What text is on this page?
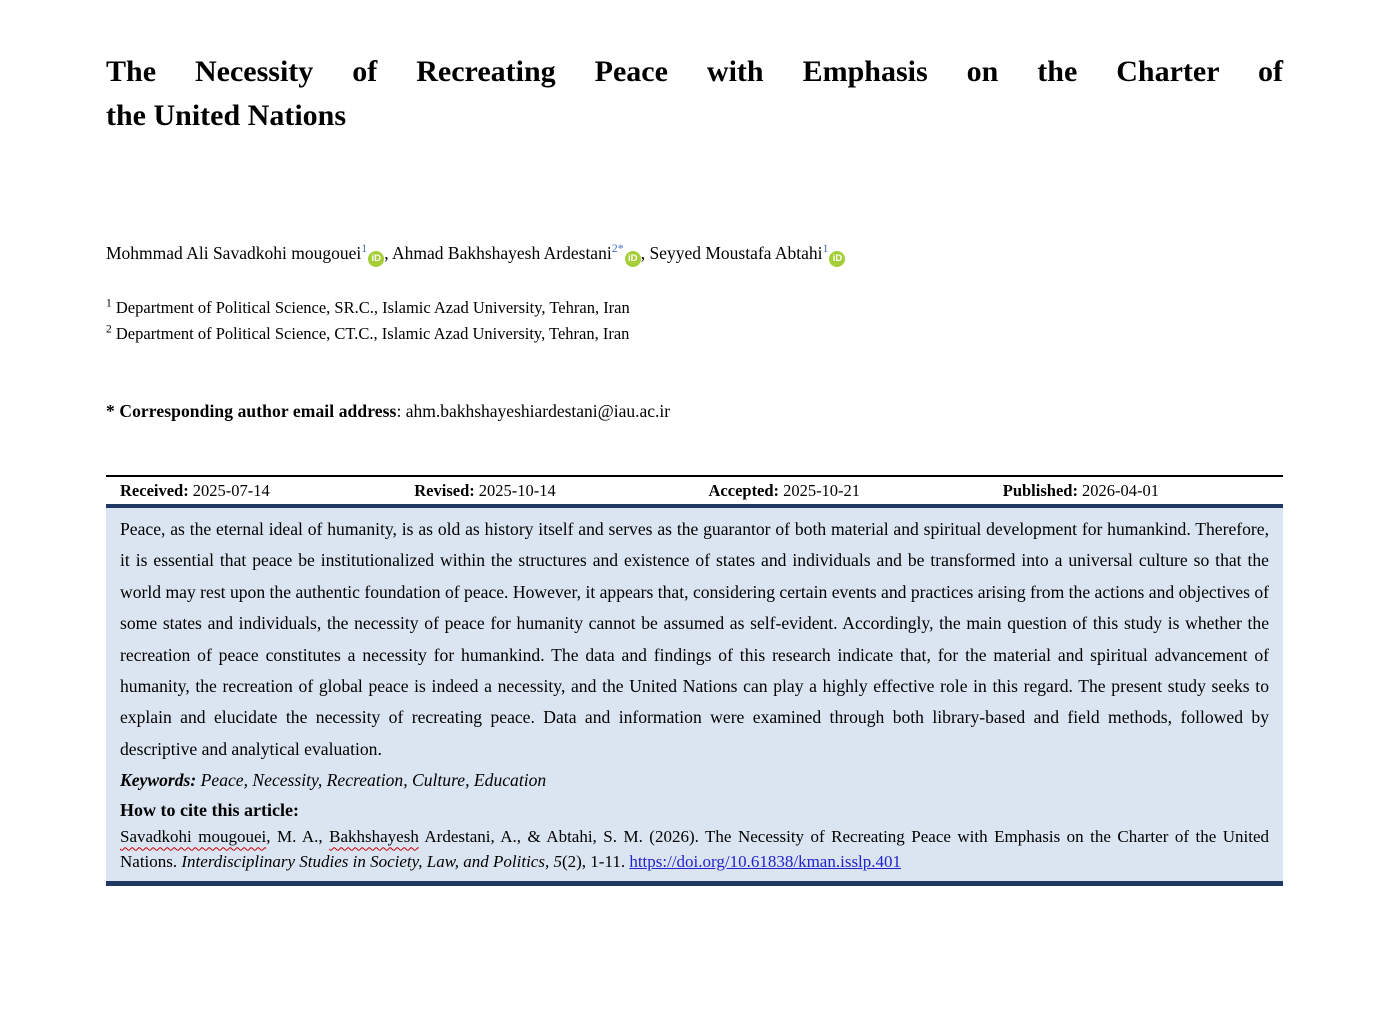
The Necessity of Recreating Peace with Emphasis on the Charter of
the United Nations
Mohmmad Ali Savadkohi mougouei$^1$iD , Ahmad Bakhshayesh Ardestani$^{2*}$iD , Seyyed Moustafa Abtahi$^1$iD
$^1$ Department of Political Science, SR.C., Islamic Azad University, Tehran, Iran
$^2$ Department of Political Science, CT.C., Islamic Azad University, Tehran, Iran
* Corresponding author email address: ahm.bakhshayeshiardestani@iau.ac.ir
Received: 2025-07-14	Revised: 2025-10-14	Accepted: 2025-10-21	Published: 2026-04-01

Peace, as the eternal ideal of humanity, is as old as history itself and serves as the guarantor of both material and spiritual development for humankind. Therefore, it is essential that peace be institutionalized within the structures and existence of states and individuals and be transformed into a universal culture so that the world may rest upon the authentic foundation of peace. However, it appears that, considering certain events and practices arising from the actions and objectives of some states and individuals, the necessity of peace for humanity cannot be assumed as self-evident. Accordingly, the main question of this study is whether the recreation of peace constitutes a necessity for humankind. The data and findings of this research indicate that, for the material and spiritual advancement of humanity, the recreation of global peace is indeed a necessity, and the United Nations can play a highly effective role in this regard. The present study seeks to explain and elucidate the necessity of recreating peace. Data and information were examined through both library-based and field methods, followed by descriptive and analytical evaluation.

Keywords: Peace, Necessity, Recreation, Culture, Education

How to cite this article:

Savadkohi mougouei, M. A., Bakhshayesh Ardestani, A., & Abtahi, S. M. (2026). The Necessity of Recreating Peace with Emphasis on the Charter of the United Nations. Interdisciplinary Studies in Society, Law, and Politics, 5(2), 1-11. https://doi.org/10.61838/kman.isslp.401
